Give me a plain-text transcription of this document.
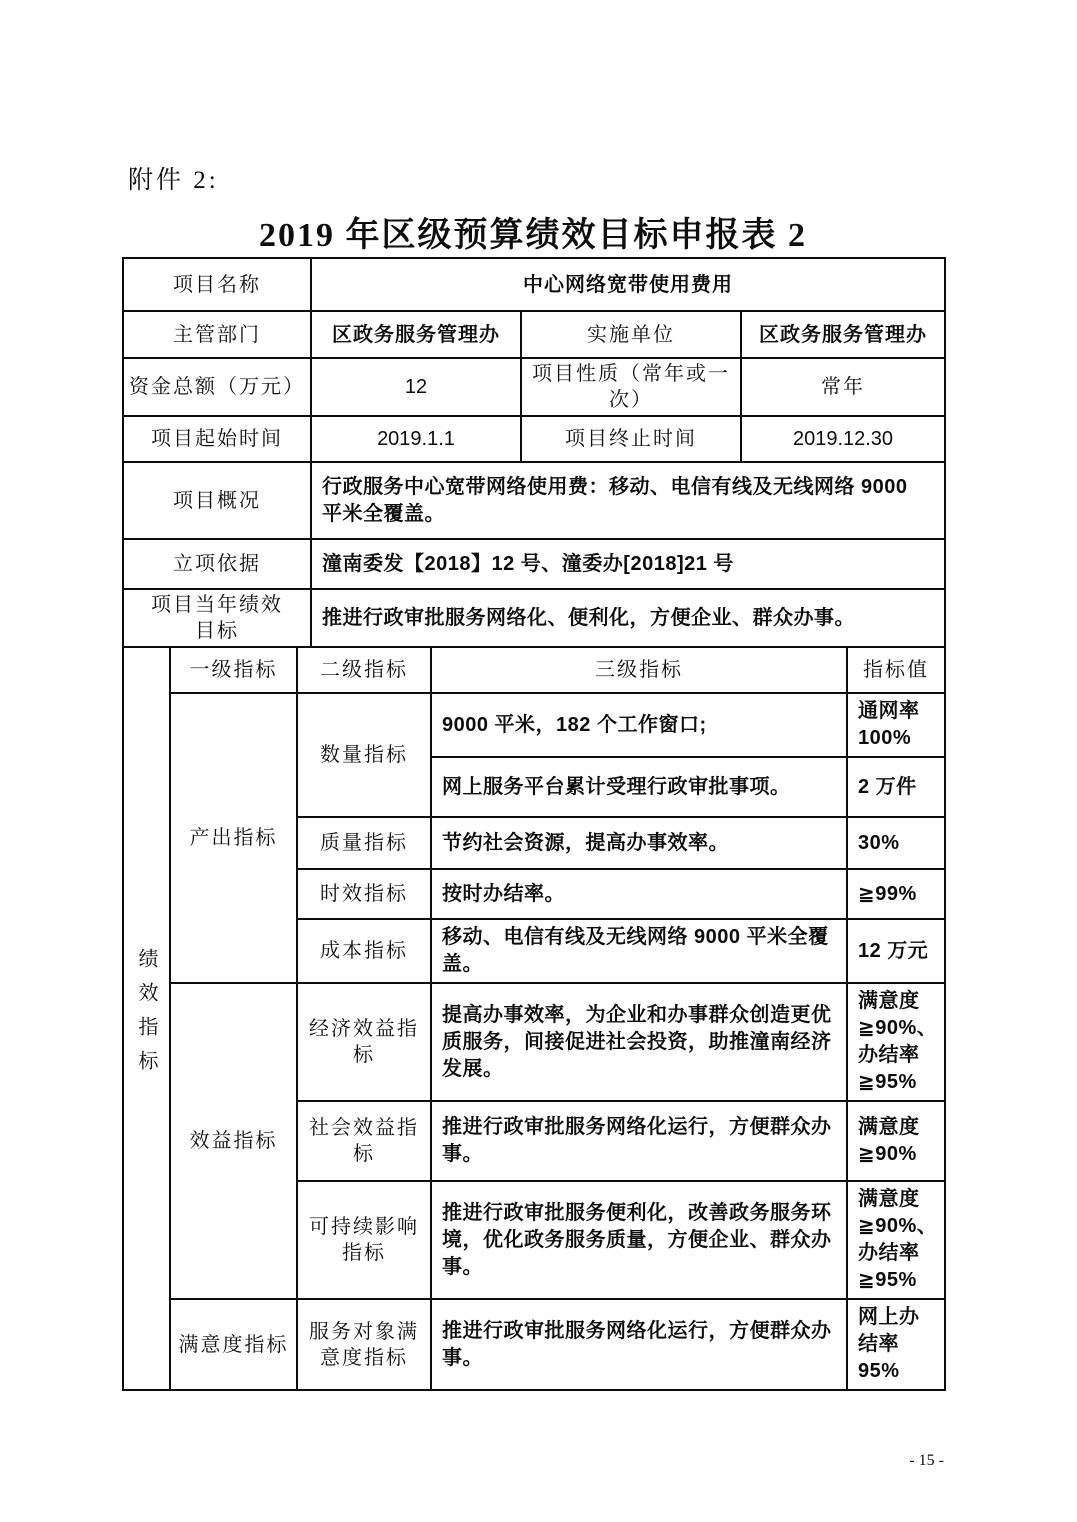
附件 2:
2019 年区级预算绩效目标申报表 2
项目名称	中心网络宽带使用费用		
主管部门	区政务服务管理办	实施单位	区政务服务管理办
资金总额（万元）	12	项目性质（常年或一次）	常年
项目起始时间	2019.1.1	项目终止时间	2019.12.30
项目概况	行政服务中心宽带网络使用费：移动、电信有线及无线网络 9000 平米全覆盖。		
立项依据	潼南委发【2018】12 号、潼委办[2018]21 号		
项目当年绩效目标	推进行政审批服务网络化、便利化，方便企业、群众办事。		
绩效指标	一级指标	二级指标	三级指标	指标值
	产出指标	数量指标	9000 平米，182 个工作窗口;	通网率 100%
			网上服务平台累计受理行政审批事项。	2 万件
		质量指标	节约社会资源，提高办事效率。	30%
		时效指标	按时办结率。	≧99%
		成本指标	移动、电信有线及无线网络 9000 平米全覆盖。	12 万元
	效益指标	经济效益指标	提高办事效率，为企业和办事群众创造更优质服务，间接促进社会投资，助推潼南经济发展。	满意度≧90%、办结率≧95%
		社会效益指标	推进行政审批服务网络化运行，方便群众办事。	满意度≧90%
		可持续影响指标	推进行政审批服务便利化，改善政务服务环境，优化政务服务质量，方便企业、群众办事。	满意度≧90%、办结率≧95%
	满意度指标	服务对象满意度指标	推进行政审批服务网络化运行，方便群众办事。	网上办结率 95%
- 15 -
